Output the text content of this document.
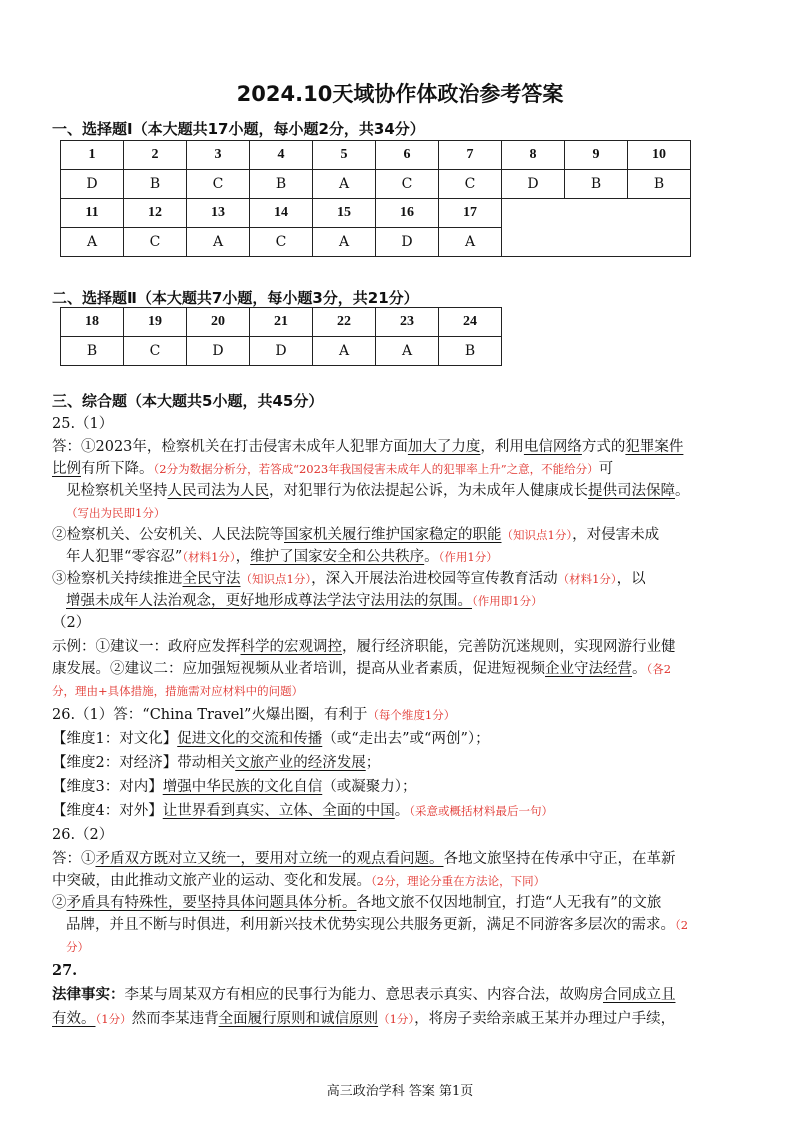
2024.10天域协作体政治参考答案
一、选择题Ⅰ（本大题共17小题，每小题2分，共34分）
1	2	3	4	5	6	7	8	9	10
D	B	C	B	A	C	C	D	B	B
11	12	13	14	15	16	17			
A	C	A	C	A	D	A			
二、选择题Ⅱ（本大题共7小题，每小题3分，共21分）
18	19	20	21	22	23	24
B	C	D	D	A	A	B
三、综合题（本大题共5小题，共45分）
25.（1）
答：①2023年，检察机关在打击侵害未成年人犯罪方面加大了力度，利用电信网络方式的犯罪案件
比例有所下降。（2分为数据分析分，若答成“2023年我国侵害未成年人的犯罪率上升”之意，不能给分）可
见检察机关坚持人民司法为人民，对犯罪行为依法提起公诉，为未成年人健康成长提供司法保障。
（写出为民即1分）
②检察机关、公安机关、人民法院等国家机关履行维护国家稳定的职能（知识点1分），对侵害未成
年人犯罪“零容忍”（材料1分），维护了国家安全和公共秩序。（作用1分）
③检察机关持续推进全民守法（知识点1分），深入开展法治进校园等宣传教育活动（材料1分），以
增强未成年人法治观念，更好地形成尊法学法守法用法的氛围。（作用即1分）
（2）
示例：①建议一：政府应发挥科学的宏观调控，履行经济职能，完善防沉迷规则，实现网游行业健
康发展。②建议二：应加强短视频从业者培训，提高从业者素质，促进短视频企业守法经营。（各2
分，理由+具体措施，措施需对应材料中的问题）
26.（1）答：“China Travel”火爆出圈，有利于（每个维度1分）
【维度1：对文化】促进文化的交流和传播（或“走出去”或“两创”）；
【维度2：对经济】带动相关文旅产业的经济发展；
【维度3：对内】增强中华民族的文化自信（或凝聚力）；
【维度4：对外】让世界看到真实、立体、全面的中国。（采意或概括材料最后一句）
26.（2）
答：①矛盾双方既对立又统一，要用对立统一的观点看问题。各地文旅坚持在传承中守正，在革新
中突破，由此推动文旅产业的运动、变化和发展。（2分，理论分重在方法论，下同）
②矛盾具有特殊性，要坚持具体问题具体分析。各地文旅不仅因地制宜，打造“人无我有”的文旅
品牌，并且不断与时俱进，利用新兴技术优势实现公共服务更新，满足不同游客多层次的需求。（2
分）
27.
法律事实：李某与周某双方有相应的民事行为能力、意思表示真实、内容合法，故购房合同成立且
有效。（1分）然而李某违背全面履行原则和诚信原则（1分），将房子卖给亲戚王某并办理过户手续，
高三政治学科 答案 第1页
